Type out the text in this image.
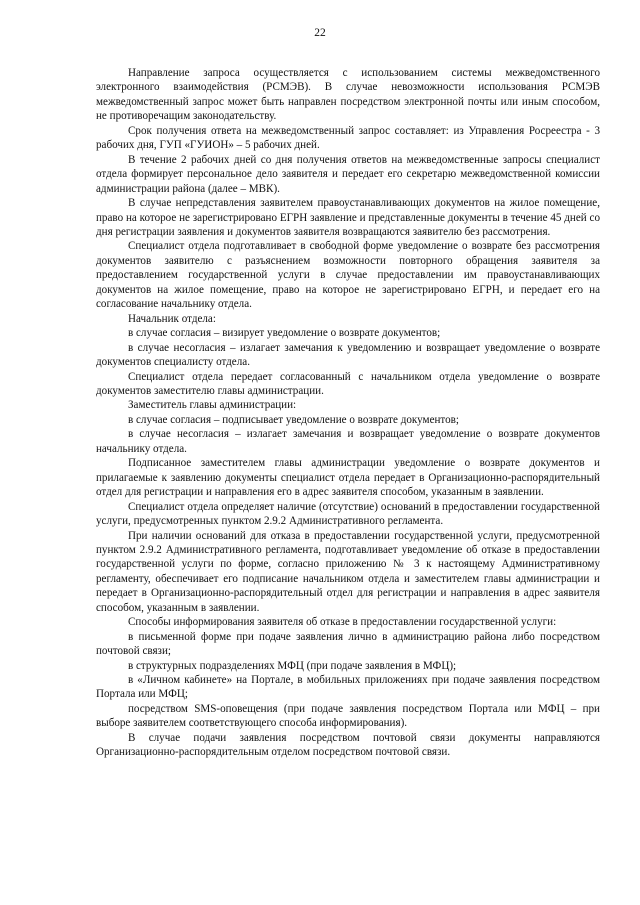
22

Направление запроса осуществляется с использованием системы межведомственного электронного взаимодействия (РСМЭВ). В случае невозможности использования РСМЭВ межведомственный запрос может быть направлен посредством электронной почты или иным способом, не противоречащим законодательству.

Срок получения ответа на межведомственный запрос составляет: из Управления Росреестра - 3 рабочих дня, ГУП «ГУИОН» – 5 рабочих дней.

В течение 2 рабочих дней со дня получения ответов на межведомственные запросы специалист отдела формирует персональное дело заявителя и передает его секретарю межведомственной комиссии администрации района (далее – МВК).

В случае непредставления заявителем правоустанавливающих документов на жилое помещение, право на которое не зарегистрировано ЕГРН заявление и представленные документы в течение 45 дней со дня регистрации заявления и документов заявителя возвращаются заявителю без рассмотрения.

Специалист отдела подготавливает в свободной форме уведомление о возврате без рассмотрения документов заявителю с разъяснением возможности повторного обращения заявителя за предоставлением государственной услуги в случае предоставлении им правоустанавливающих документов на жилое помещение, право на которое не зарегистрировано ЕГРН, и передает его на согласование начальнику отдела.

Начальник отдела:

в случае согласия – визирует уведомление о возврате документов;

в случае несогласия – излагает замечания к уведомлению и возвращает уведомление о возврате документов специалисту отдела.

Специалист отдела передает согласованный с начальником отдела уведомление о возврате документов заместителю главы администрации.

Заместитель главы администрации:

в случае согласия – подписывает уведомление о возврате документов;

в случае несогласия – излагает замечания и возвращает уведомление о возврате документов начальнику отдела.

Подписанное заместителем главы администрации уведомление о возврате документов и прилагаемые к заявлению документы специалист отдела передает в Организационно-распорядительный отдел для регистрации и направления его в адрес заявителя способом, указанным в заявлении.

Специалист отдела определяет наличие (отсутствие) оснований в предоставлении государственной услуги, предусмотренных пунктом 2.9.2 Административного регламента.

При наличии оснований для отказа в предоставлении государственной услуги, предусмотренной пунктом 2.9.2 Административного регламента, подготавливает уведомление об отказе в предоставлении государственной услуги по форме, согласно приложению № 3 к настоящему Административному регламенту, обеспечивает его подписание начальником отдела и заместителем главы администрации и передает в Организационно-распорядительный отдел для регистрации и направления в адрес заявителя способом, указанным в заявлении.

Способы информирования заявителя об отказе в предоставлении государственной услуги:

в письменной форме при подаче заявления лично в администрацию района либо посредством почтовой связи;

в структурных подразделениях МФЦ (при подаче заявления в МФЦ);

в «Личном кабинете» на Портале, в мобильных приложениях при подаче заявления посредством Портала или МФЦ;

посредством SMS-оповещения (при подаче заявления посредством Портала или МФЦ – при выборе заявителем соответствующего способа информирования).

В случае подачи заявления посредством почтовой связи документы направляются Организационно-распорядительным отделом посредством почтовой связи.
